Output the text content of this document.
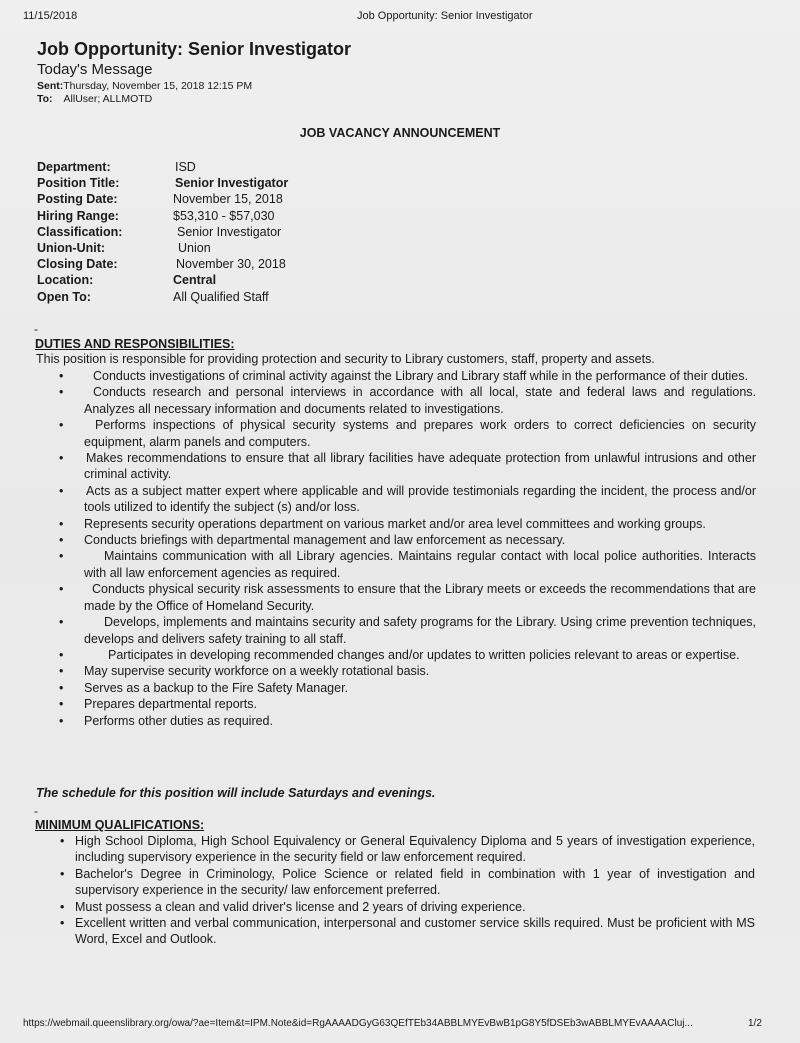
11/15/2018	Job Opportunity: Senior Investigator
Job Opportunity: Senior Investigator
Today's Message
Sent:Thursday, November 15, 2018 12:15 PM
To: AllUser; ALLMOTD
JOB VACANCY ANNOUNCEMENT
Department:	ISD
Position Title:	Senior Investigator
Posting Date:	November 15, 2018
Hiring Range:	$53,310 - $57,030
Classification:	Senior Investigator
Union-Unit:	Union
Closing Date:	November 30, 2018
Location:	Central
Open To:	All Qualified Staff
-
DUTIES AND RESPONSIBILITIES:
This position is responsible for providing protection and security to Library customers, staff, property and assets.
• Conducts investigations of criminal activity against the Library and Library staff while in the performance of their duties.
• Conducts research and personal interviews in accordance with all local, state and federal laws and regulations. Analyzes all necessary information and documents related to investigations.
•	Performs inspections of physical security systems and prepares work orders to correct deficiencies on security equipment, alarm panels and computers.
• Makes recommendations to ensure that all library facilities have adequate protection from unlawful intrusions and other criminal activity.
• Acts as a subject matter expert where applicable and will provide testimonials regarding the incident, the process and/or tools utilized to identify the subject (s) and/or loss.
• Represents security operations department on various market and/or area level committees and working groups.
• Conducts briefings with departmental management and law enforcement as necessary.
•	Maintains communication with all Library agencies. Maintains regular contact with local police authorities. Interacts with all law enforcement agencies as required.
• Conducts physical security risk assessments to ensure that the Library meets or exceeds the recommendations that are made by the Office of Homeland Security.
•	Develops, implements and maintains security and safety programs for the Library. Using crime prevention techniques, develops and delivers safety training to all staff.
•	Participates in developing recommended changes and/or updates to written policies relevant to areas or expertise.
• May supervise security workforce on a weekly rotational basis.
• Serves as a backup to the Fire Safety Manager.
• Prepares departmental reports.
• Performs other duties as required.
The schedule for this position will include Saturdays and evenings.
-
MINIMUM QUALIFICATIONS:
• High School Diploma, High School Equivalency or General Equivalency Diploma and 5 years of investigation experience, including supervisory experience in the security field or law enforcement required.
• Bachelor's Degree in Criminology, Police Science or related field in combination with 1 year of investigation and supervisory experience in the security/ law enforcement preferred.
• Must possess a clean and valid driver's license and 2 years of driving experience.
• Excellent written and verbal communication, interpersonal and customer service skills required. Must be proficient with MS Word, Excel and Outlook.
https://webmail.queenslibrary.org/owa/?ae=Item&t=IPM.Note&id=RgAAAADGyG63QEfTEb34ABBLMYEvBwB1pG8Y5fDSEb3wABBLMYEvAAAACluj...	1/2
